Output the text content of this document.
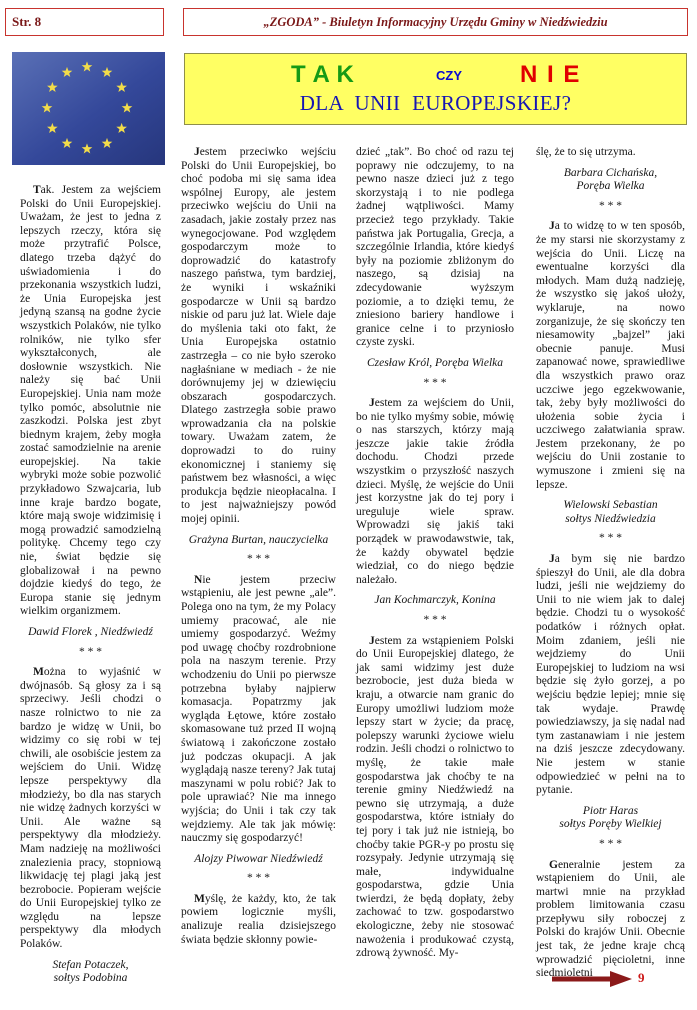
Str. 8	„ZGODA” - Biuletyn Informacyjny Urzędu Gminy w Niedźwiedziu
T A K	CZY N I E
DLA UNII EUROPEJSKIEJ?

Tak. Jestem za wejściem Polski do Unii Europejskiej. Uważam, że jest to jedna z lepszych rzeczy, która się może przytrafić Polsce, dlatego trzeba dążyć do uświadomienia i do przekonania wszystkich ludzi, że Unia Europejska jest jedyną szansą na godne życie wszystkich Polaków, nie tylko rolników, nie tylko sfer wykształconych, ale dosłownie wszystkich. Nie należy się bać Unii Europejskiej. Unia nam może tylko pomóc, absolutnie nie zaszkodzi. Polska jest zbyt biednym krajem, żeby mogła zostać samodzielnie na arenie europejskiej. Na takie wybryki może sobie pozwolić przykładowo Szwajcaria, lub inne kraje bardzo bogate, które mają swoje widzimisię i mogą prowadzić samodzielną politykę. Chcemy tego czy nie, świat będzie się globalizował i na pewno dojdzie kiedyś do tego, że Europa stanie się jednym wielkim organizmem.

Dawid Florek , Niedźwiedź
* * *

Można to wyjaśnić w dwójnasób. Są głosy za i są sprzeciwy. Jeśli chodzi o nasze rolnictwo to nie za bardzo je widzę w Unii, bo widzimy co się robi w tej chwili, ale osobiście jestem za wejściem do Unii. Widzę lepsze perspektywy dla młodzieży, bo dla nas starych nie widzę żadnych korzyści w Unii. Ale ważne są perspektywy dla młodzieży. Mam nadzieję na możliwości znalezienia pracy, stopniową likwidację tej plagi jaką jest bezrobocie. Popieram wejście do Unii Europejskiej tylko ze względu na lepsze perspektywy dla młodych Polaków.

Stefan Potaczek,
sołtys Podobina

Jestem przeciwko wejściu Polski do Unii Europejskiej, bo choć podoba mi się sama idea wspólnej Europy, ale jestem przeciwko wejściu do Unii na zasadach, jakie zostały przez nas wynegocjowane. Pod względem gospodarczym może to doprowadzić do katastrofy naszego państwa, tym bardziej, że wyniki i wskaźniki gospodarcze w Unii są bardzo niskie od paru już lat. Wiele daje do myślenia taki oto fakt, że Unia Europejska ostatnio zastrzegła – co nie było szeroko nagłaśniane w mediach - że nie dorównujemy jej w dziewięciu obszarach gospodarczych. Dlatego zastrzegła sobie prawo wprowadzania cła na polskie towary. Uważam zatem, że doprowadzi to do ruiny ekonomicznej i staniemy się państwem bez własności, a więc produkcja będzie nieopłacalna. I to jest najważniejszy powód mojej opinii.

Grażyna Burtan, nauczycielka
* * *

Nie jestem przeciw wstąpieniu, ale jest pewne „ale”. Polega ono na tym, że my Polacy umiemy pracować, ale nie umiemy gospodarzyć. Weźmy pod uwagę choćby rozdrobnione pola na naszym terenie. Przy wchodzeniu do Unii po pierwsze potrzebna byłaby najpierw komasacja. Popatrzmy jak wygląda Łętowe, które zostało skomasowane tuż przed II wojną światową i zakończone zostało już podczas okupacji. A jak wyglądają nasze tereny? Jak tutaj maszynami w polu robić? Jak to pole uprawiać? Nie ma innego wyjścia; do Unii i tak czy tak wejdziemy. Ale tak jak mówię: nauczmy się gospodarzyć!

Alojzy Piwowar Niedźwiedź
* * *

Myślę, że każdy, kto, że tak powiem logicznie myśli, analizuje realia dzisiejszego świata będzie skłonny powie-

dzieć „tak”. Bo choć od razu tej poprawy nie odczujemy, to na pewno nasze dzieci już z tego skorzystają i to nie podlega żadnej wątpliwości. Mamy przecież tego przykłady. Takie państwa jak Portugalia, Grecja, a szczególnie Irlandia, które kiedyś były na poziomie zbliżonym do naszego, są dzisiaj na zdecydowanie wyższym poziomie, a to dzięki temu, że zniesiono bariery handlowe i granice celne i to przyniosło czyste zyski.

Czesław Król, Poręba Wielka
* * *

Jestem za wejściem do Unii, bo nie tylko myśmy sobie, mówię o nas starszych, którzy mają jeszcze jakie takie źródła dochodu. Chodzi przede wszystkim o przyszłość naszych dzieci. Myślę, że wejście do Unii jest korzystne jak do tej pory i ureguluje wiele spraw. Wprowadzi się jakiś taki porządek w prawodawstwie, tak, że każdy obywatel będzie wiedział, co do niego będzie należało.

Jan Kochmarczyk, Konina
* * *

Jestem za wstąpieniem Polski do Unii Europejskiej dlatego, że jak sami widzimy jest duże bezrobocie, jest duża bieda w kraju, a otwarcie nam granic do Europy umożliwi ludziom może lepszy start w życie; da pracę, polepszy warunki życiowe wielu rodzin. Jeśli chodzi o rolnictwo to myślę, że takie małe gospodarstwa jak choćby te na terenie gminy Niedźwiedź na pewno się utrzymają, a duże gospodarstwa, które istniały do tej pory i tak już nie istnieją, bo choćby takie PGR-y po prostu się rozsypały. Jedynie utrzymają się małe, indywidualne gospodarstwa, gdzie Unia twierdzi, że będą dopłaty, żeby zachować to tzw. gospodarstwo ekologiczne, żeby nie stosować nawożenia i produkować czystą, zdrową żywność. My-

ślę, że to się utrzyma.

Barbara Cichańska,
Poręba Wielka
* * *

Ja to widzę to w ten sposób, że my starsi nie skorzystamy z wejścia do Unii. Liczę na ewentualne korzyści dla młodych. Mam dużą nadzieję, że wszystko się jakoś ułoży, wyklaruje, na nowo zorganizuje, że się skończy ten niesamowity „bajzel” jaki obecnie panuje. Musi zapanować nowe, sprawiedliwe dla wszystkich prawo oraz uczciwe jego egzekwowanie, tak, żeby były możliwości do ułożenia sobie życia i uczciwego załatwiania spraw. Jestem przekonany, że po wejściu do Unii zostanie to wymuszone i zmieni się na lepsze.

Wielowski Sebastian
sołtys Niedźwiedzia
* * *

Ja bym się nie bardzo śpieszył do Unii, ale dla dobra ludzi, jeśli nie wejdziemy do Unii to nie wiem jak to dalej będzie. Chodzi tu o wysokość podatków i różnych opłat. Moim zdaniem, jeśli nie wejdziemy do Unii Europejskiej to ludziom na wsi będzie się żyło gorzej, a po wejściu będzie lepiej; mnie się tak wydaje. Prawdę powiedziawszy, ja się nadal nad tym zastanawiam i nie jestem na dziś jeszcze zdecydowany. Nie jestem w stanie odpowiedzieć w pełni na to pytanie.

Piotr Haras
sołtys Poręby Wielkiej
* * *

Generalnie jestem za wstąpieniem do Unii, ale martwi mnie na przykład problem limitowania czasu przepływu siły roboczej z Polski do krajów Unii. Obecnie jest tak, że jedne kraje chcą wprowadzić pięcioletni, inne siedmioletni	9
